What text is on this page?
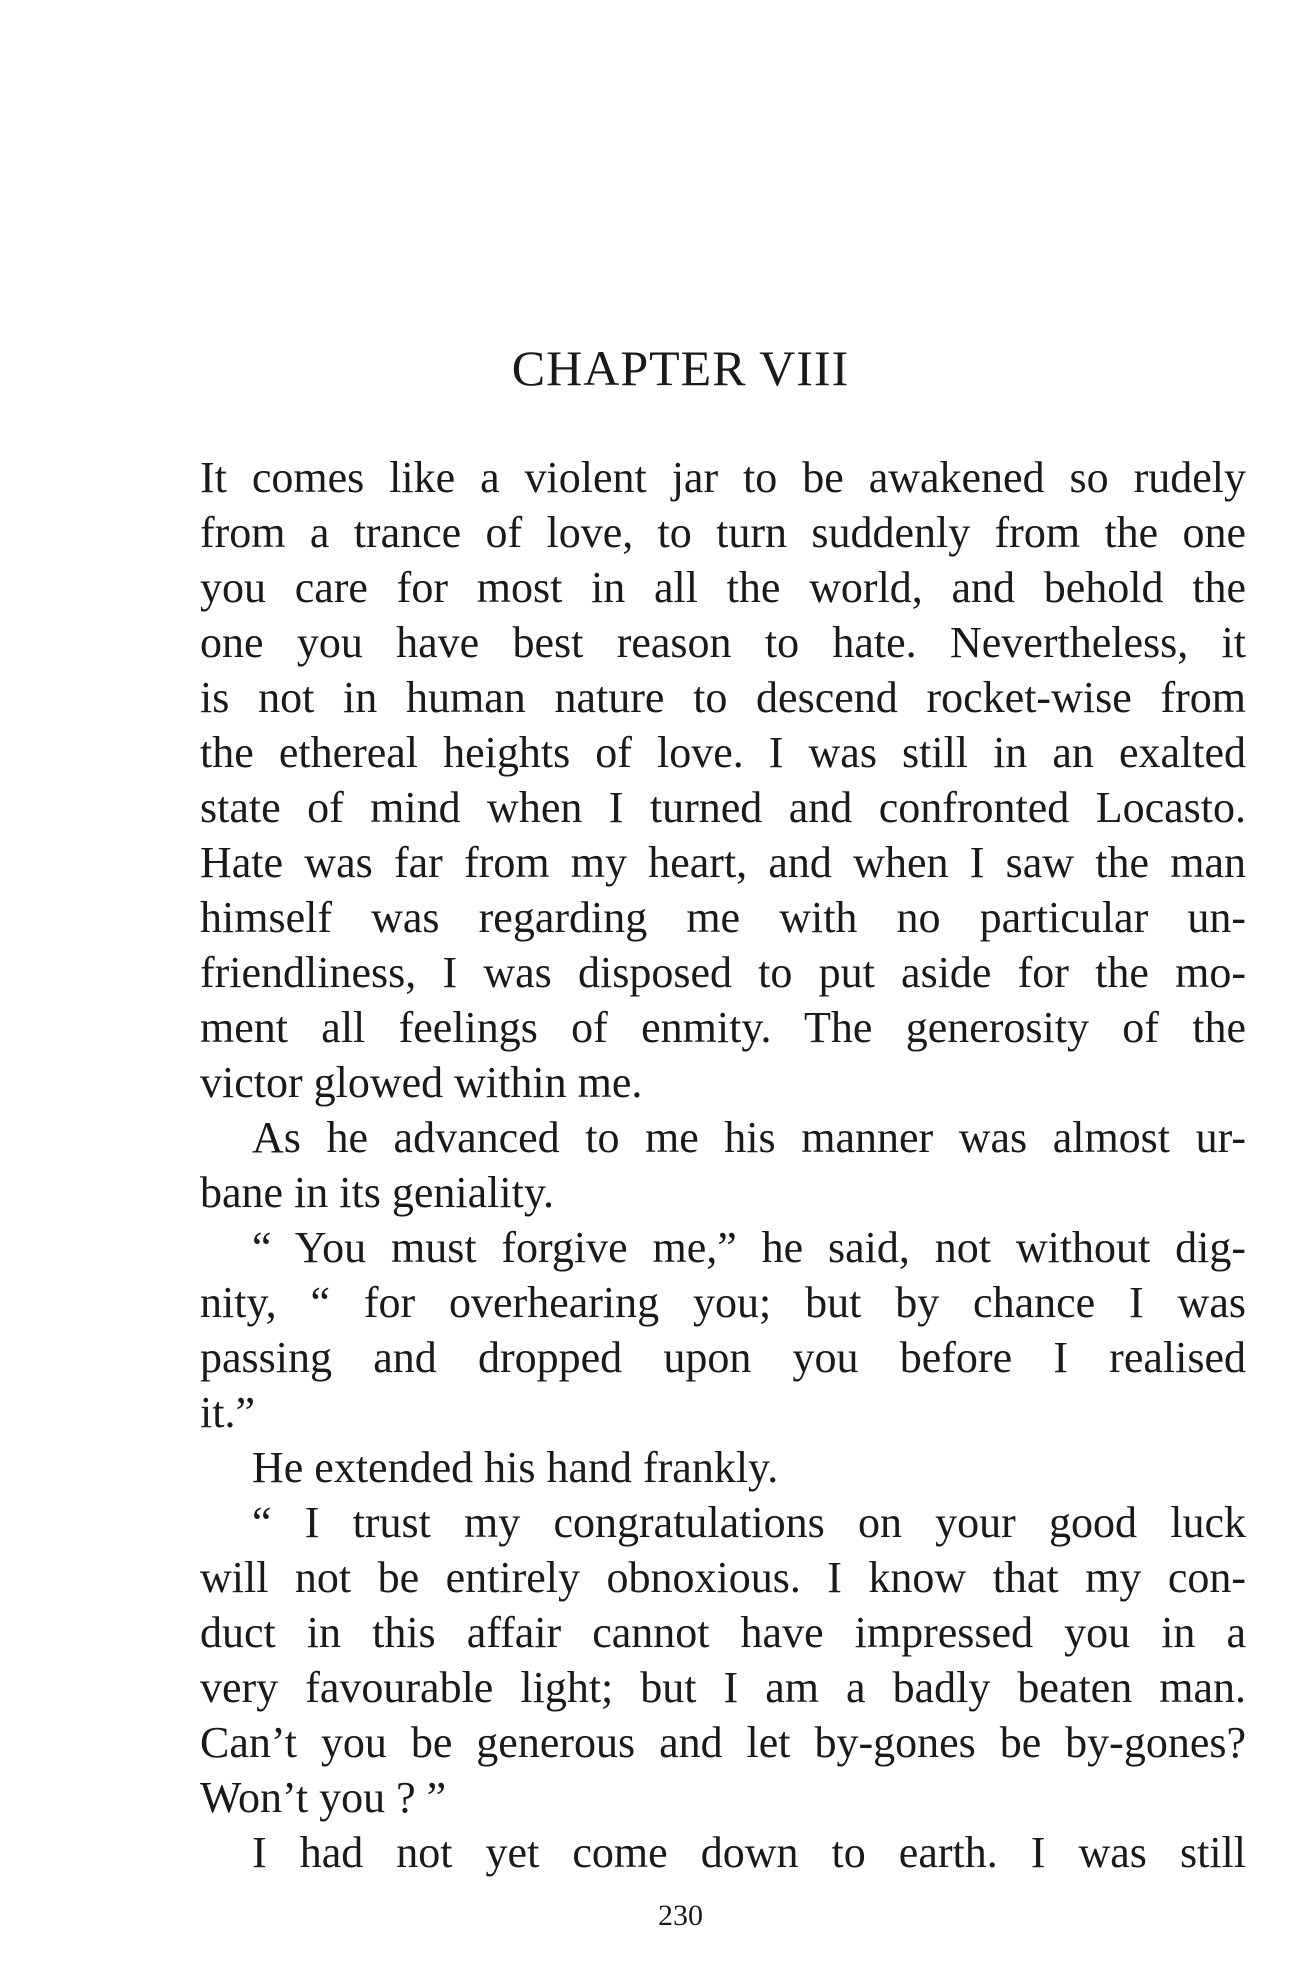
CHAPTER VIII
It comes like a violent jar to be awakened so rudely
from a trance of love, to turn suddenly from the one
you care for most in all the world, and behold the
one you have best reason to hate. Nevertheless, it
is not in human nature to descend rocket-wise from
the ethereal heights of love. I was still in an exalted
state of mind when I turned and confronted Locasto.
Hate was far from my heart, and when I saw the man
himself was regarding me with no particular un-
friendliness, I was disposed to put aside for the mo-
ment all feelings of enmity. The generosity of the
victor glowed within me.
As he advanced to me his manner was almost ur-
bane in its geniality.
“ You must forgive me,” he said, not without dig-
nity, “ for overhearing you; but by chance I was
passing and dropped upon you before I realised
it.”
He extended his hand frankly.
“ I trust my congratulations on your good luck
will not be entirely obnoxious. I know that my con-
duct in this affair cannot have impressed you in a
very favourable light; but I am a badly beaten man.
Can’t you be generous and let by-gones be by-gones?
Won’t you ? ”
I had not yet come down to earth. I was still
230
